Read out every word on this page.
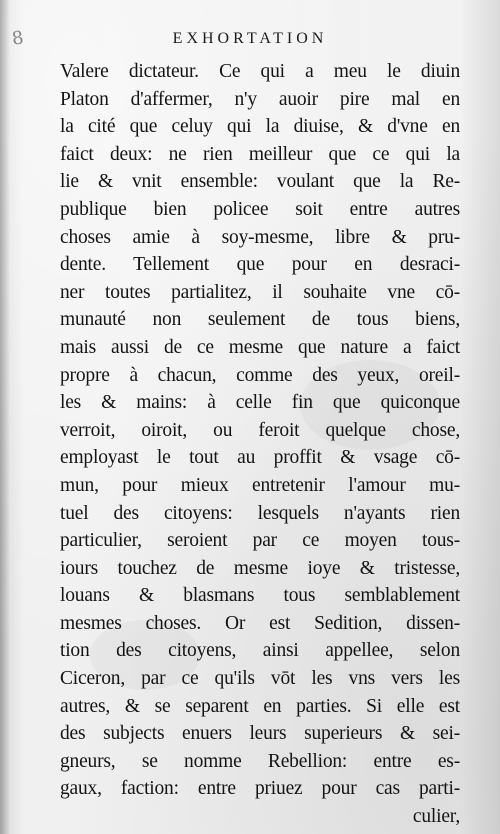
8	EXHORTATION
Valere dictateur. Ce qui a meu le diuin
Platon d'affermer, n'y auoir pire mal en
la cité que celuy qui la diuise, & d'vne en
faict deux: ne rien meilleur que ce qui la
lie & vnit ensemble: voulant que la Re-
publique bien policee soit entre autres
choses amie à soy-mesme, libre & pru-
dente. Tellement que pour en desraci-
ner toutes partialitez, il souhaite vne cō-
munauté non seulement de tous biens,
mais aussi de ce mesme que nature a faict
propre à chacun, comme des yeux, oreil-
les & mains: à celle fin que quiconque
verroit, oiroit, ou feroit quelque chose,
employast le tout au proffit & vsage cō-
mun, pour mieux entretenir l'amour mu-
tuel des citoyens: lesquels n'ayants rien
particulier, seroient par ce moyen tous-
iours touchez de mesme ioye & tristesse,
louans & blasmans tous semblablement
mesmes choses. Or est Sedition, dissen-
tion des citoyens, ainsi appellee, selon
Ciceron, par ce qu'ils vōt les vns vers les
autres, & se separent en parties. Si elle est
des subjects enuers leurs superieurs & sei-
gneurs, se nomme Rebellion: entre es-
gaux, faction: entre priuez pour cas parti-
culier,
